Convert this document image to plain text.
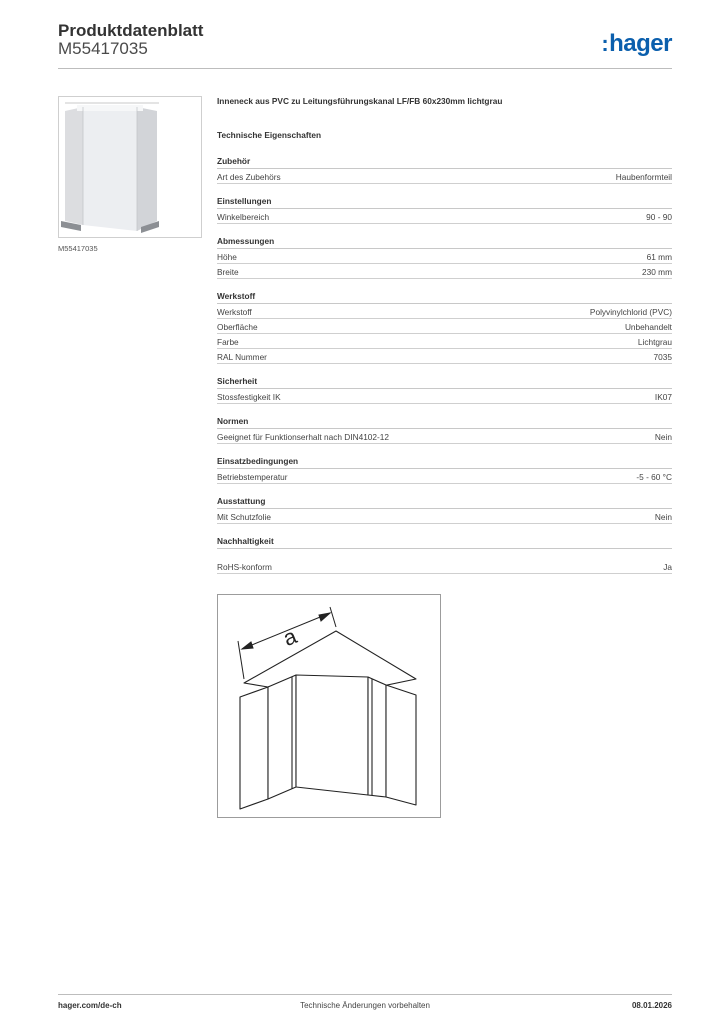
Produktdatenblatt
M55417035	:hager
M55417035
Inneneck aus PVC zu Leitungsführungskanal LF/FB 60x230mm lichtgrau
Technische Eigenschaften
Zubehör
Art des Zubehörs	Haubenformteil
Einstellungen
Winkelbereich	90 - 90
Abmessungen
Höhe	61 mm
Breite	230 mm
Werkstoff
Werkstoff	Polyvinylchlorid (PVC)
Oberfläche	Unbehandelt
Farbe	Lichtgrau
RAL Nummer	7035
Sicherheit
Stossfestigkeit IK	IK07
Normen
Geeignet für Funktionserhalt nach DIN4102-12	Nein
Einsatzbedingungen
Betriebstemperatur	-5 - 60 °C
Ausstattung
Mit Schutzfolie	Nein
Nachhaltigkeit
RoHS-konform	Ja
a
hager.com/de-ch	Technische Änderungen vorbehalten	08.01.2026
